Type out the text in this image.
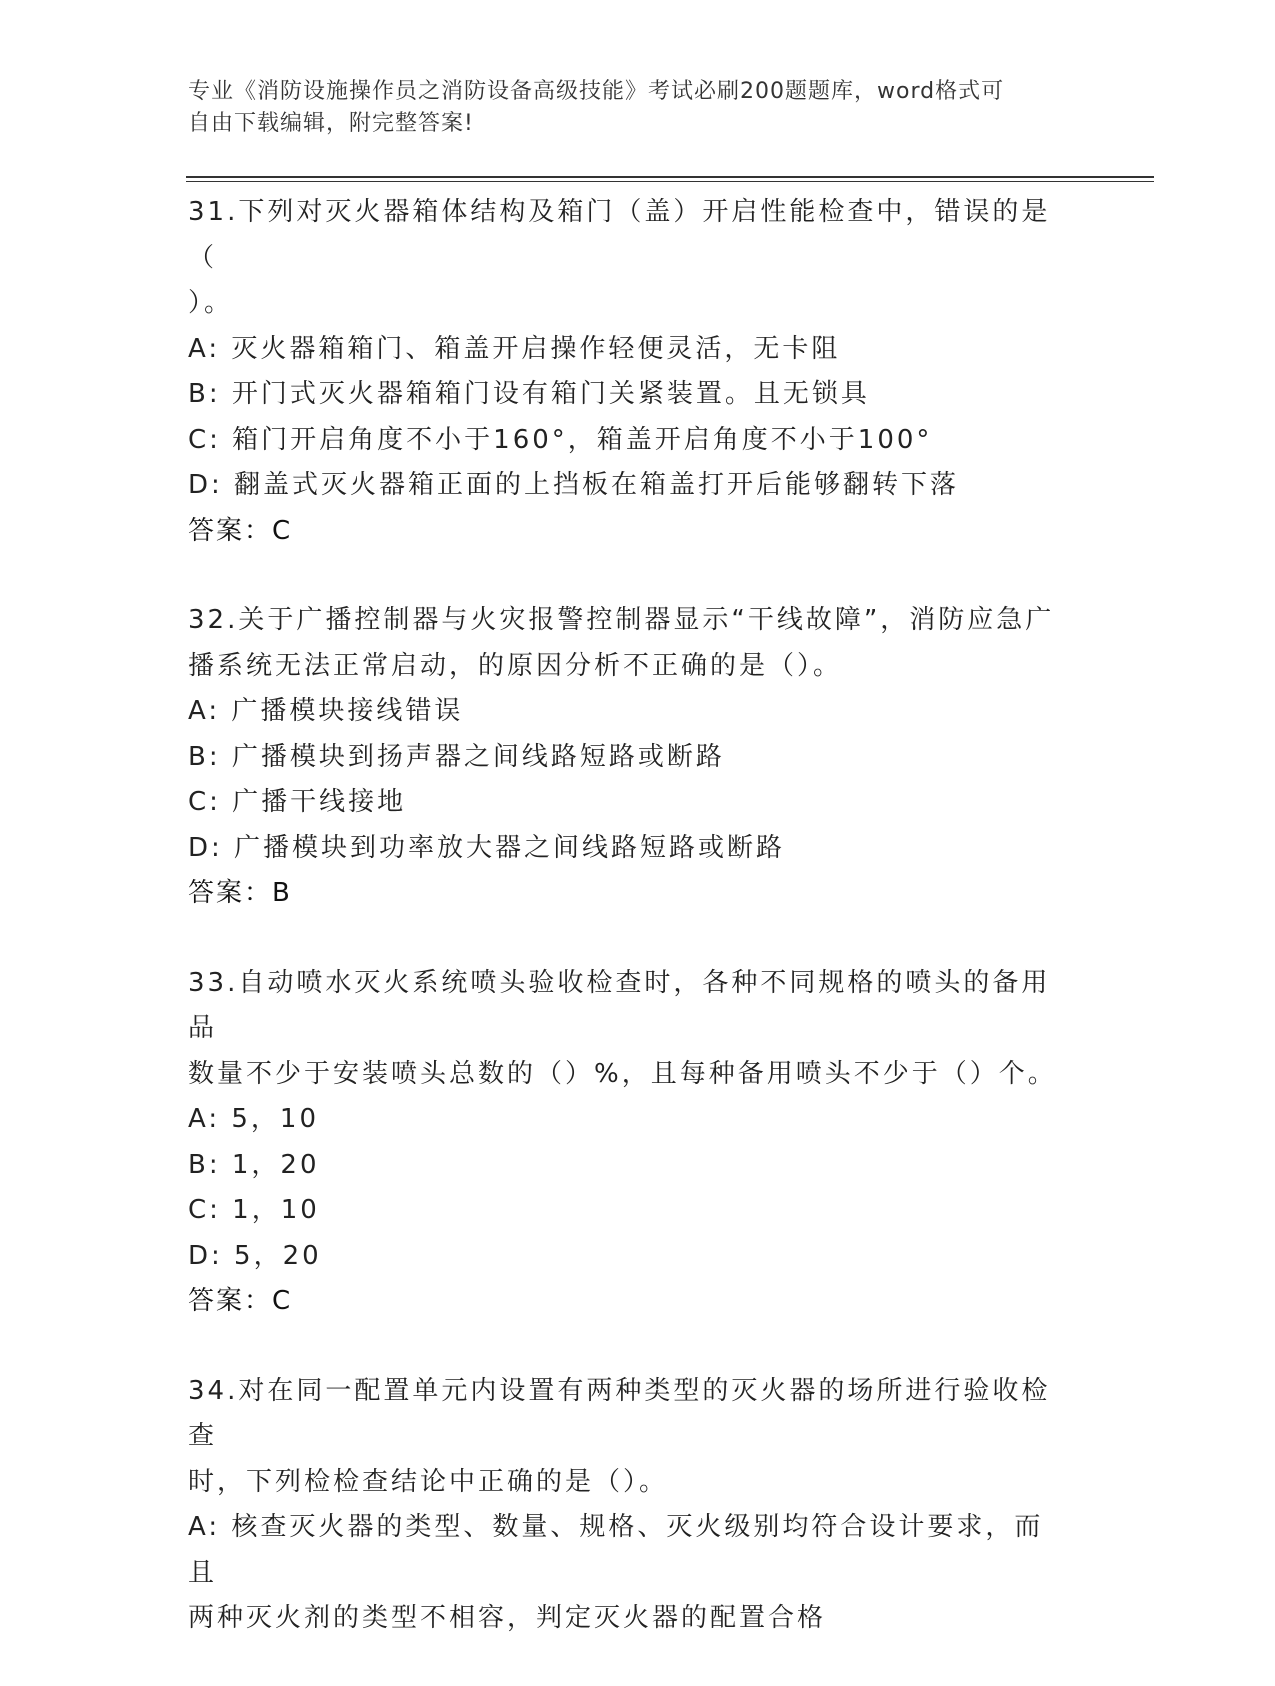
专业《消防设施操作员之消防设备高级技能》考试必刷200题题库，word格式可
自由下载编辑，附完整答案!
31.下列对灭火器箱体结构及箱门（盖）开启性能检查中，错误的是（
）。
A: 灭火器箱箱门、箱盖开启操作轻便灵活，无卡阻
B: 开门式灭火器箱箱门设有箱门关紧装置。且无锁具
C: 箱门开启角度不小于160°，箱盖开启角度不小于100°
D: 翻盖式灭火器箱正面的上挡板在箱盖打开后能够翻转下落
答案：C
32.关于广播控制器与火灾报警控制器显示“干线故障”，消防应急广
播系统无法正常启动，的原因分析不正确的是（）。
A: 广播模块接线错误
B: 广播模块到扬声器之间线路短路或断路
C: 广播干线接地
D: 广播模块到功率放大器之间线路短路或断路
答案：B
33.自动喷水灭火系统喷头验收检查时，各种不同规格的喷头的备用品
数量不少于安装喷头总数的（）%，且每种备用喷头不少于（）个。
A: 5，10
B: 1，20
C: 1，10
D: 5，20
答案：C
34.对在同一配置单元内设置有两种类型的灭火器的场所进行验收检查
时，下列检检查结论中正确的是（）。
A: 核查灭火器的类型、数量、规格、灭火级别均符合设计要求，而且
两种灭火剂的类型不相容，判定灭火器的配置合格
